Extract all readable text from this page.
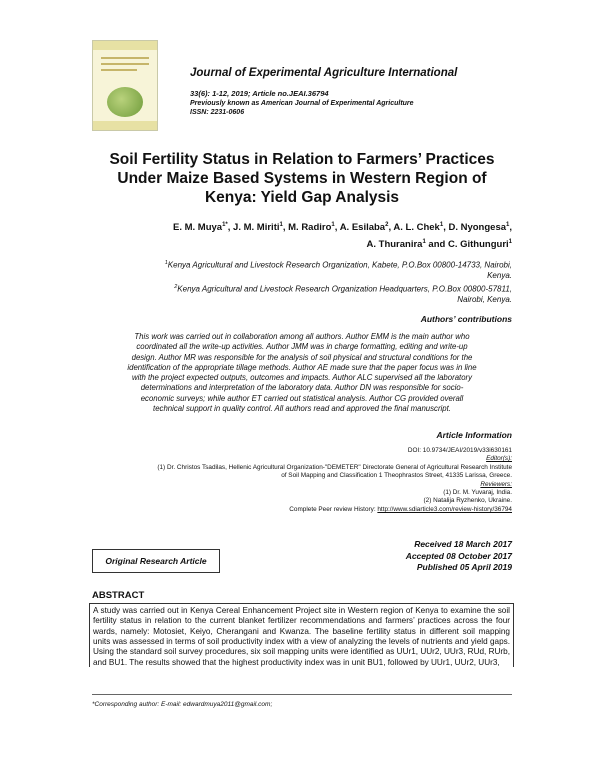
Journal of Experimental Agriculture International
33(6): 1-12, 2019; Article no.JEAI.36794
Previously known as American Journal of Experimental Agriculture
ISSN: 2231-0606
Soil Fertility Status in Relation to Farmers’ Practices Under Maize Based Systems in Western Region of Kenya: Yield Gap Analysis
E. M. Muya$^{1*}$, J. M. Miriti$^1$, M. Radiro$^1$, A. Esilaba$^2$, A. L. Chek$^1$, D. Nyongesa$^1$,
A. Thuranira$^1$ and C. Githunguri$^1$
$^1$Kenya Agricultural and Livestock Research Organization, Kabete, P.O.Box 00800-14733, Nairobi,
Kenya.
$^2$Kenya Agricultural and Livestock Research Organization Headquarters, P.O.Box 00800-57811,
Nairobi, Kenya.
Authors’ contributions
This work was carried out in collaboration among all authors. Author EMM is the main author who
coordinated all the write-up activities. Author JMM was in charge formatting, editing and write-up
design. Author MR was responsible for the analysis of soil physical and structural conditions for the
identification of the appropriate tillage methods. Author AE made sure that the paper focus was in line
with the project expected outputs, outcomes and impacts. Author ALC supervised all the laboratory
determinations and interpretation of the laboratory data. Author DN was responsible for socio-
economic surveys; while author ET carried out statistical analysis. Author CG provided overall
technical support in quality control. All authors read and approved the final manuscript.
Article Information
DOI: 10.9734/JEAI/2019/v33i630161
Editor(s):
(1) Dr. Christos Tsadilas, Hellenic Agricultural Organization-"DEMETER" Directorate General of Agricultural Research Institute
of Soil Mapping and Classification 1 Theophrastos Street, 41335 Larissa, Greece.
Reviewers:
(1) Dr. M. Yuvaraj, India.
(2) Natalija Ryzhenko, Ukraine.
Complete Peer review History: http://www.sdiarticle3.com/review-history/36794
Original Research Article
Received 18 March 2017
Accepted 08 October 2017
Published 05 April 2019
ABSTRACT
A study was carried out in Kenya Cereal Enhancement Project site in Western region of Kenya to examine the soil fertility status in relation to the current blanket fertilizer recommendations and farmers’ practices across the four wards, namely: Motosiet, Keiyo, Cherangani and Kwanza. The baseline fertility status in different soil mapping units was assessed in terms of soil productivity index with a view of analyzing the levels of nutrients and yield gaps. Using the standard soil survey procedures, six soil mapping units were identified as UUr1, UUr2, UUr3, RUd, RUrb, and BU1. The results showed that the highest productivity index was in unit BU1, followed by UUr1, UUr2, UUr3,
*Corresponding author: E-mail: edwardmuya2011@gmail.com;
